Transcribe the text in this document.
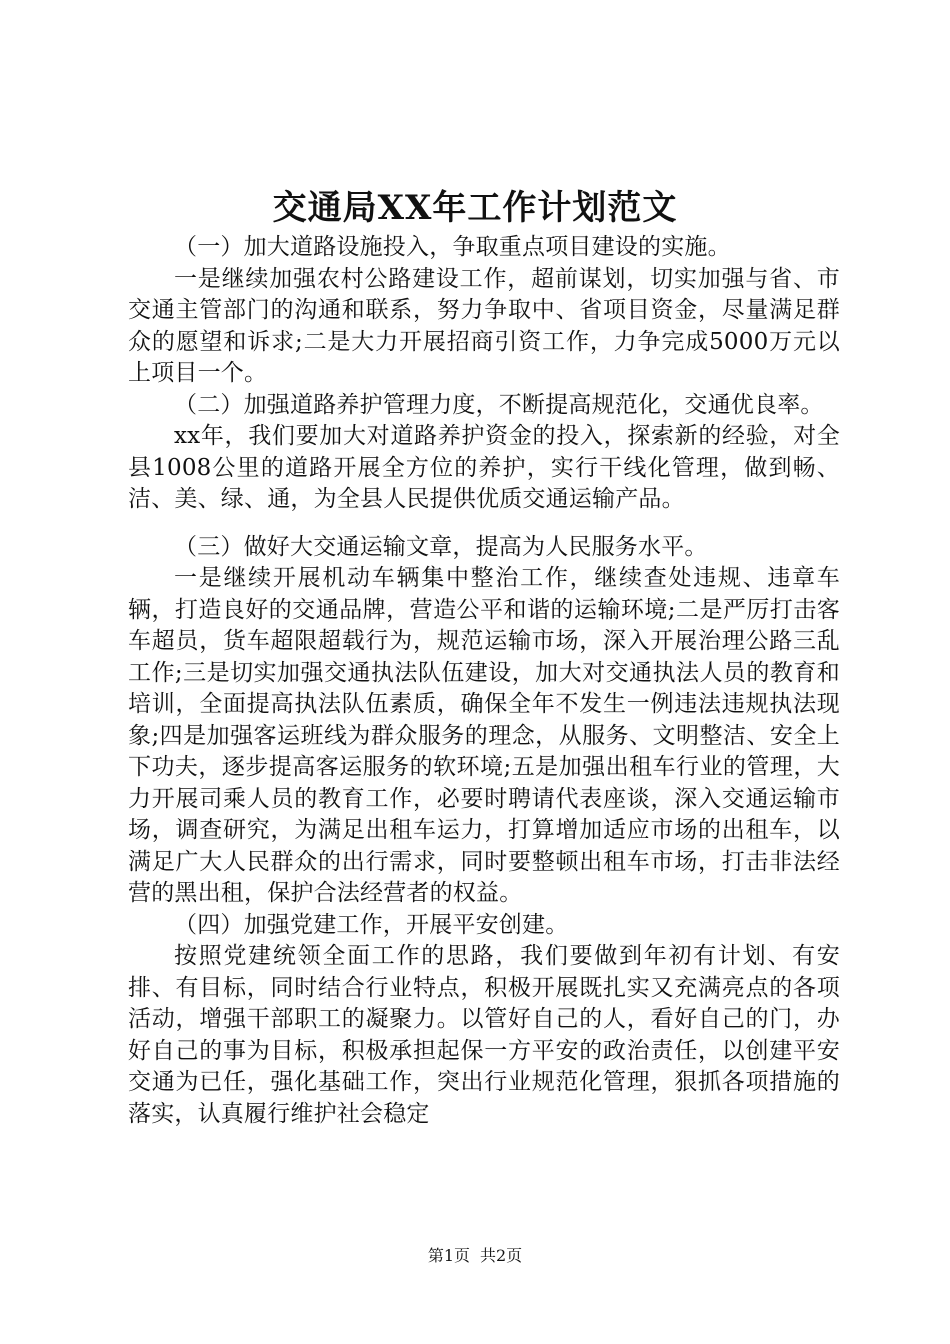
交通局XX年工作计划范文

（一）加大道路设施投入，争取重点项目建设的实施。

一是继续加强农村公路建设工作，超前谋划，切实加强与省、市交通主管部门的沟通和联系，努力争取中、省项目资金，尽量满足群众的愿望和诉求;二是大力开展招商引资工作，力争完成5000万元以上项目一个。

（二）加强道路养护管理力度，不断提高规范化，交通优良率。

xx年，我们要加大对道路养护资金的投入，探索新的经验，对全县1008公里的道路开展全方位的养护，实行干线化管理，做到畅、洁、美、绿、通，为全县人民提供优质交通运输产品。

（三）做好大交通运输文章，提高为人民服务水平。

一是继续开展机动车辆集中整治工作，继续查处违规、违章车辆，打造良好的交通品牌，营造公平和谐的运输环境;二是严厉打击客车超员，货车超限超载行为，规范运输市场，深入开展治理公路三乱工作;三是切实加强交通执法队伍建设，加大对交通执法人员的教育和培训，全面提高执法队伍素质，确保全年不发生一例违法违规执法现象;四是加强客运班线为群众服务的理念，从服务、文明整洁、安全上下功夫，逐步提高客运服务的软环境;五是加强出租车行业的管理，大力开展司乘人员的教育工作，必要时聘请代表座谈，深入交通运输市场，调查研究，为满足出租车运力，打算增加适应市场的出租车，以满足广大人民群众的出行需求，同时要整顿出租车市场，打击非法经营的黑出租，保护合法经营者的权益。

（四）加强党建工作，开展平安创建。

按照党建统领全面工作的思路，我们要做到年初有计划、有安排、有目标，同时结合行业特点，积极开展既扎实又充满亮点的各项活动，增强干部职工的凝聚力。以管好自己的人，看好自己的门，办好自己的事为目标，积极承担起保一方平安的政治责任，以创建平安交通为已任，强化基础工作，突出行业规范化管理，狠抓各项措施的落实，认真履行维护社会稳定

第1页 共2页
